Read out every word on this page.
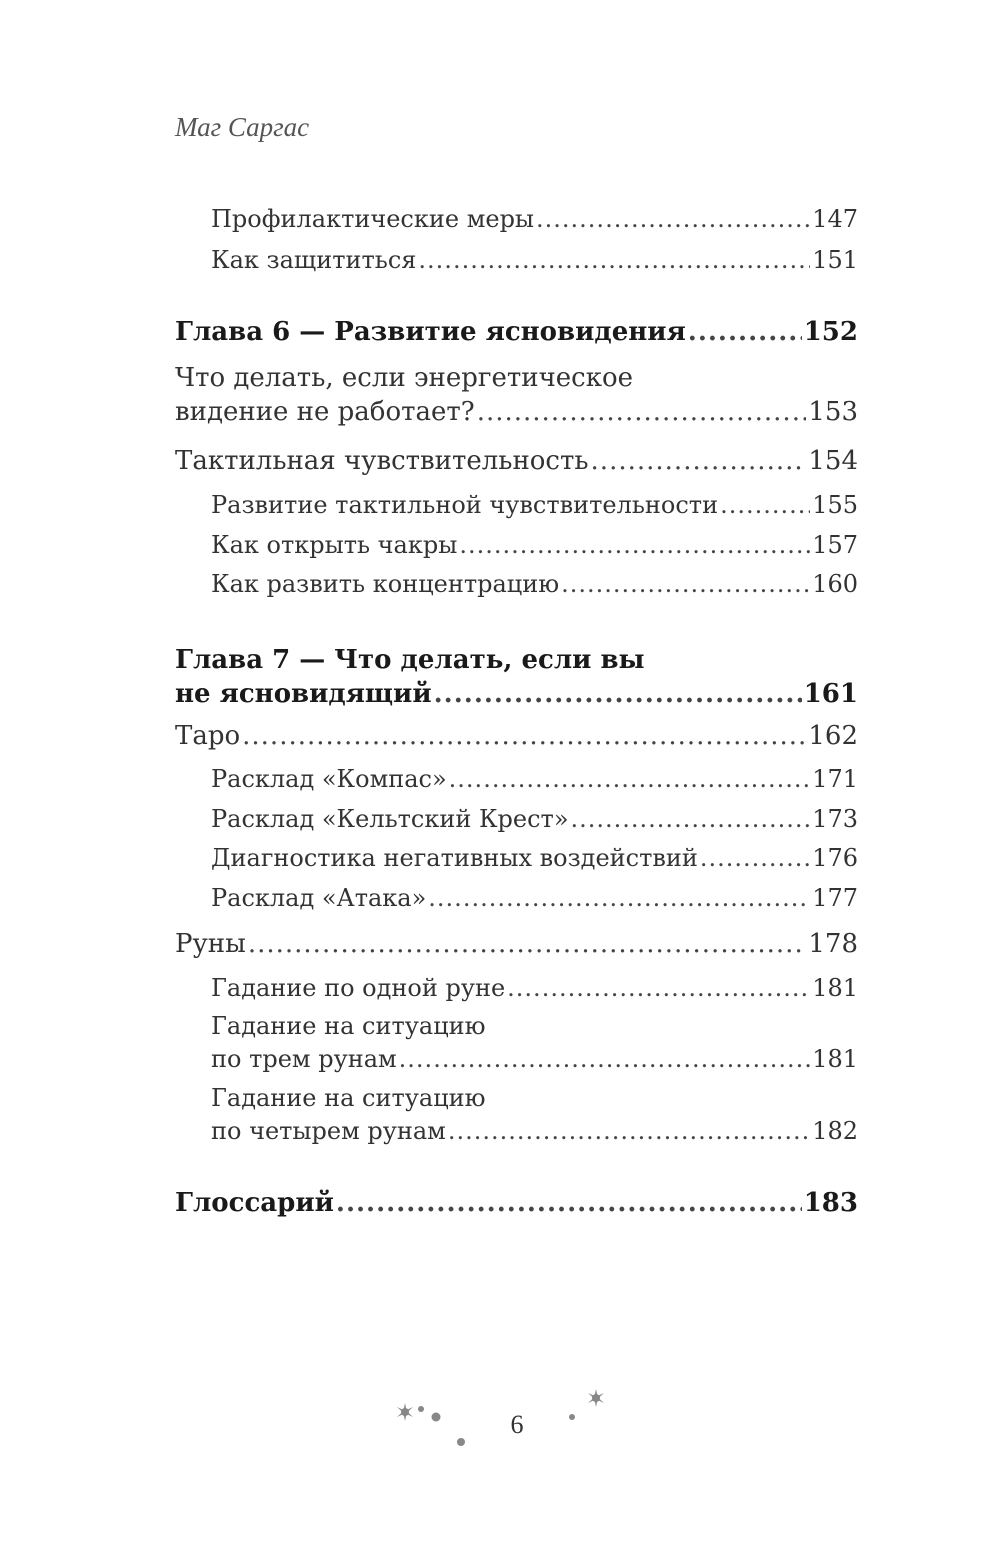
Маг Саргас
Профилактические меры .....	147
Как защититься .....	151
Глава 6 — Развитие ясновидения .....	152
Что делать, если энергетическое
видение не работает? .....	153
Тактильная чувствительность .....	154
Развитие тактильной чувствительности .....	155
Как открыть чакры .....	157
Как развить концентрацию .....	160
Глава 7 — Что делать, если вы
не ясновидящий .....	161
Таро .....	162
Расклад «Компас» .....	171
Расклад «Кельтский Крест» .....	173
Диагностика негативных воздействий .....	176
Расклад «Атака» .....	177
Руны .....	178
Гадание по одной руне .....	181
Гадание на ситуацию
по трем рунам .....	181
Гадание на ситуацию
по четырем рунам .....	182
Глоссарий .....	183
6
